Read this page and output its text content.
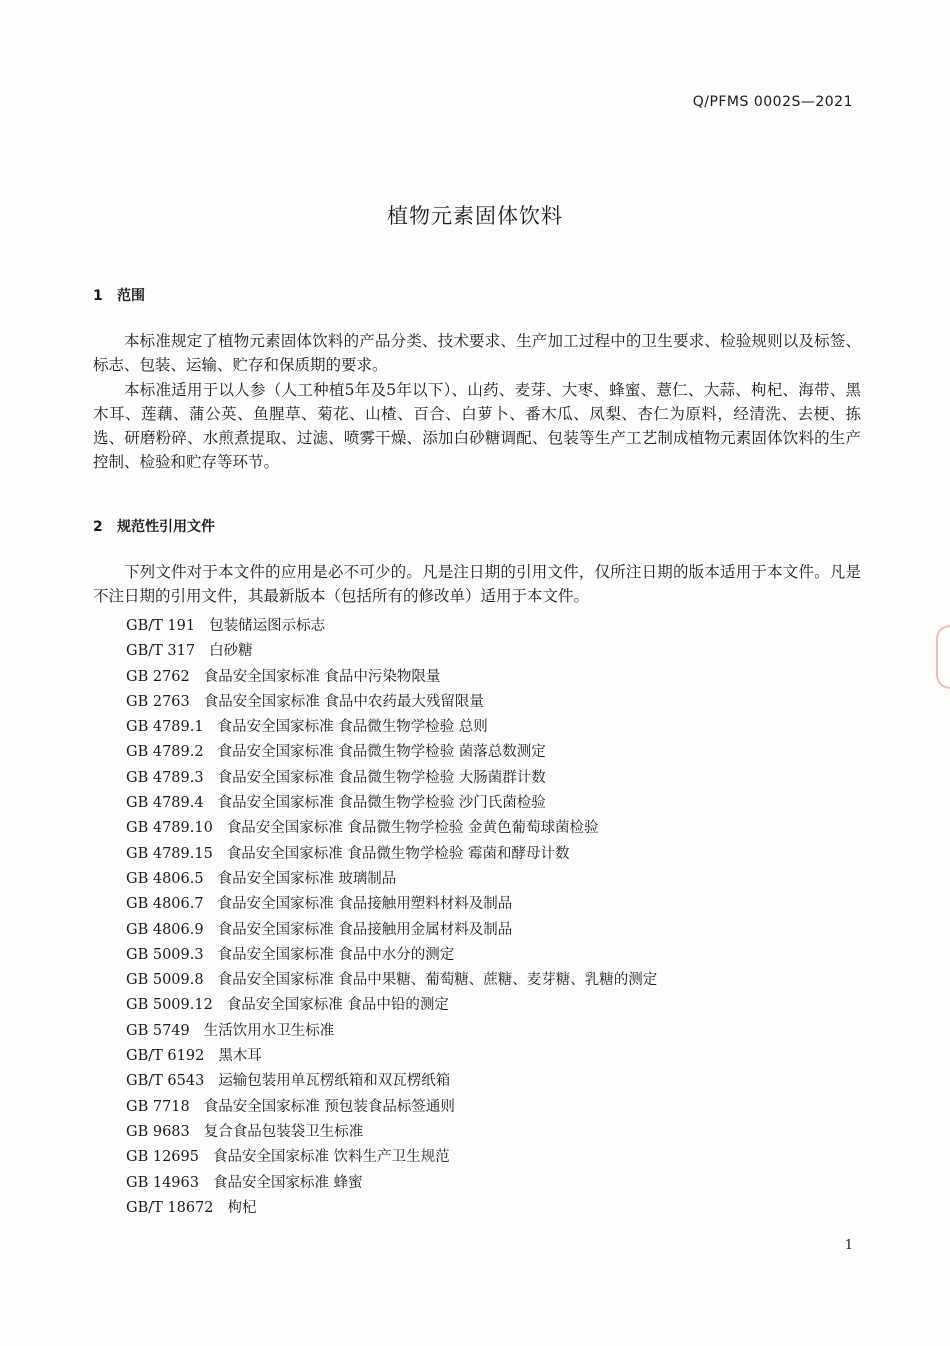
Q/PFMS 0002S—2021
植物元素固体饮料
1 范围
本标准规定了植物元素固体饮料的产品分类、技术要求、生产加工过程中的卫生要求、检验规则以及标签、标志、包装、运输、贮存和保质期的要求。
本标准适用于以人参（人工种植5年及5年以下）、山药、麦芽、大枣、蜂蜜、薏仁、大蒜、枸杞、海带、黑木耳、莲藕、蒲公英、鱼腥草、菊花、山楂、百合、白萝卜、番木瓜、凤梨、杏仁为原料，经清洗、去梗、拣选、研磨粉碎、水煎煮提取、过滤、喷雾干燥、添加白砂糖调配、包装等生产工艺制成植物元素固体饮料的生产控制、检验和贮存等环节。
2 规范性引用文件
下列文件对于本文件的应用是必不可少的。凡是注日期的引用文件，仅所注日期的版本适用于本文件。凡是不注日期的引用文件，其最新版本（包括所有的修改单）适用于本文件。
GB/T 191 包装储运图示标志
GB/T 317 白砂糖
GB 2762 食品安全国家标准 食品中污染物限量
GB 2763 食品安全国家标准 食品中农药最大残留限量
GB 4789.1 食品安全国家标准 食品微生物学检验 总则
GB 4789.2 食品安全国家标准 食品微生物学检验 菌落总数测定
GB 4789.3 食品安全国家标准 食品微生物学检验 大肠菌群计数
GB 4789.4 食品安全国家标准 食品微生物学检验 沙门氏菌检验
GB 4789.10 食品安全国家标准 食品微生物学检验 金黄色葡萄球菌检验
GB 4789.15 食品安全国家标准 食品微生物学检验 霉菌和酵母计数
GB 4806.5 食品安全国家标准 玻璃制品
GB 4806.7 食品安全国家标准 食品接触用塑料材料及制品
GB 4806.9 食品安全国家标准 食品接触用金属材料及制品
GB 5009.3 食品安全国家标准 食品中水分的测定
GB 5009.8 食品安全国家标准 食品中果糖、葡萄糖、蔗糖、麦芽糖、乳糖的测定
GB 5009.12 食品安全国家标准 食品中铅的测定
GB 5749 生活饮用水卫生标准
GB/T 6192 黑木耳
GB/T 6543 运输包装用单瓦楞纸箱和双瓦楞纸箱
GB 7718 食品安全国家标准 预包装食品标签通则
GB 9683 复合食品包装袋卫生标准
GB 12695 食品安全国家标准 饮料生产卫生规范
GB 14963 食品安全国家标准 蜂蜜
GB/T 18672 枸杞
1
